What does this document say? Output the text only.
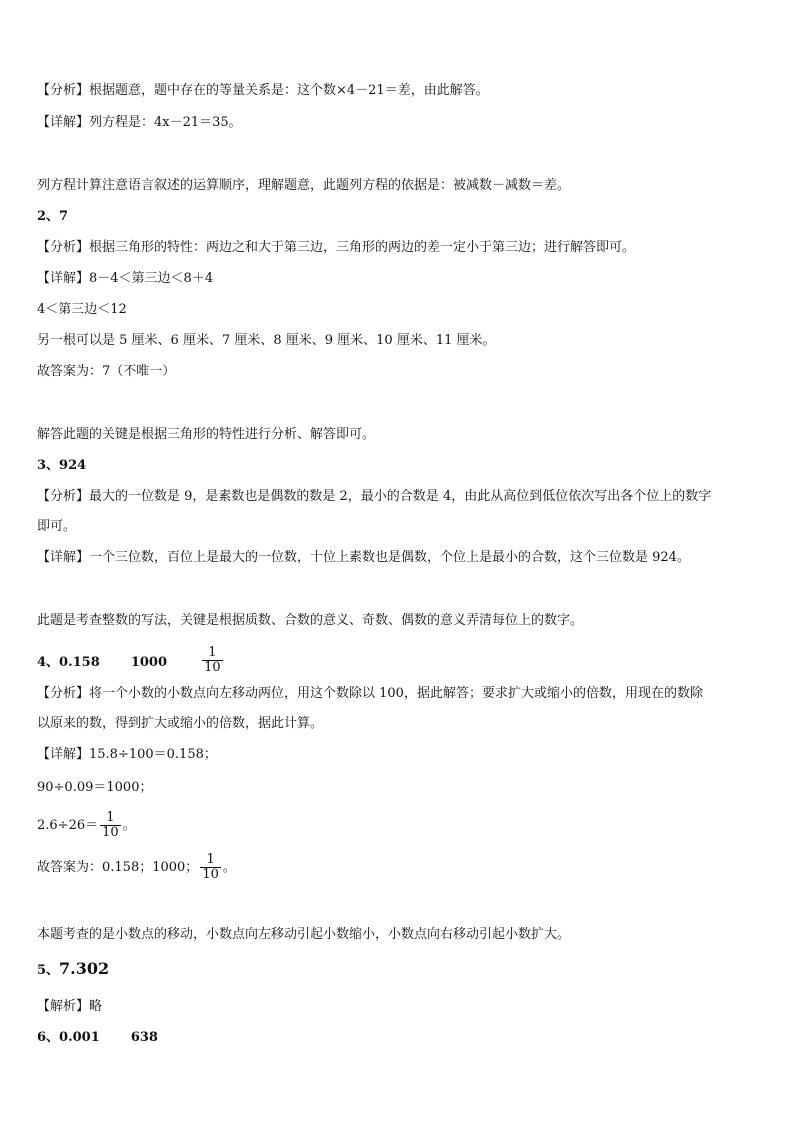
【分析】根据题意，题中存在的等量关系是：这个数×4－21＝差，由此解答。
【详解】列方程是：4x－21＝35。
列方程计算注意语言叙述的运算顺序，理解题意，此题列方程的依据是：被减数－减数＝差。
2、7
【分析】根据三角形的特性：两边之和大于第三边，三角形的两边的差一定小于第三边；进行解答即可。
【详解】8－4＜第三边＜8＋4
4＜第三边＜12
另一根可以是 5 厘米、6 厘米、7 厘米、8 厘米、9 厘米、10 厘米、11 厘米。
故答案为：7（不唯一）
解答此题的关键是根据三角形的特性进行分析、解答即可。
3、924
【分析】最大的一位数是 9，是素数也是偶数的数是 2，最小的合数是 4，由此从高位到低位依次写出各个位上的数字
即可。
【详解】一个三位数，百位上是最大的一位数，十位上素数也是偶数，个位上是最小的合数，这个三位数是 924。
此题是考查整数的写法，关键是根据质数、合数的意义、奇数、偶数的意义弄清每位上的数字。
4、0.158 1000	$\frac{1}{10}$
【分析】将一个小数的小数点向左移动两位，用这个数除以 100，据此解答；要求扩大或缩小的倍数，用现在的数除
以原来的数，得到扩大或缩小的倍数，据此计算。
【详解】15.8÷100＝0.158；
90÷0.09＝1000；
$2.6\div 26= \frac{1}{10}$ 。
故答案为：0.158；1000； $\frac{1}{10}$ 。
本题考查的是小数点的移动，小数点向左移动引起小数缩小，小数点向右移动引起小数扩大。
5、7.302
【解析】略
6、0.001 638
